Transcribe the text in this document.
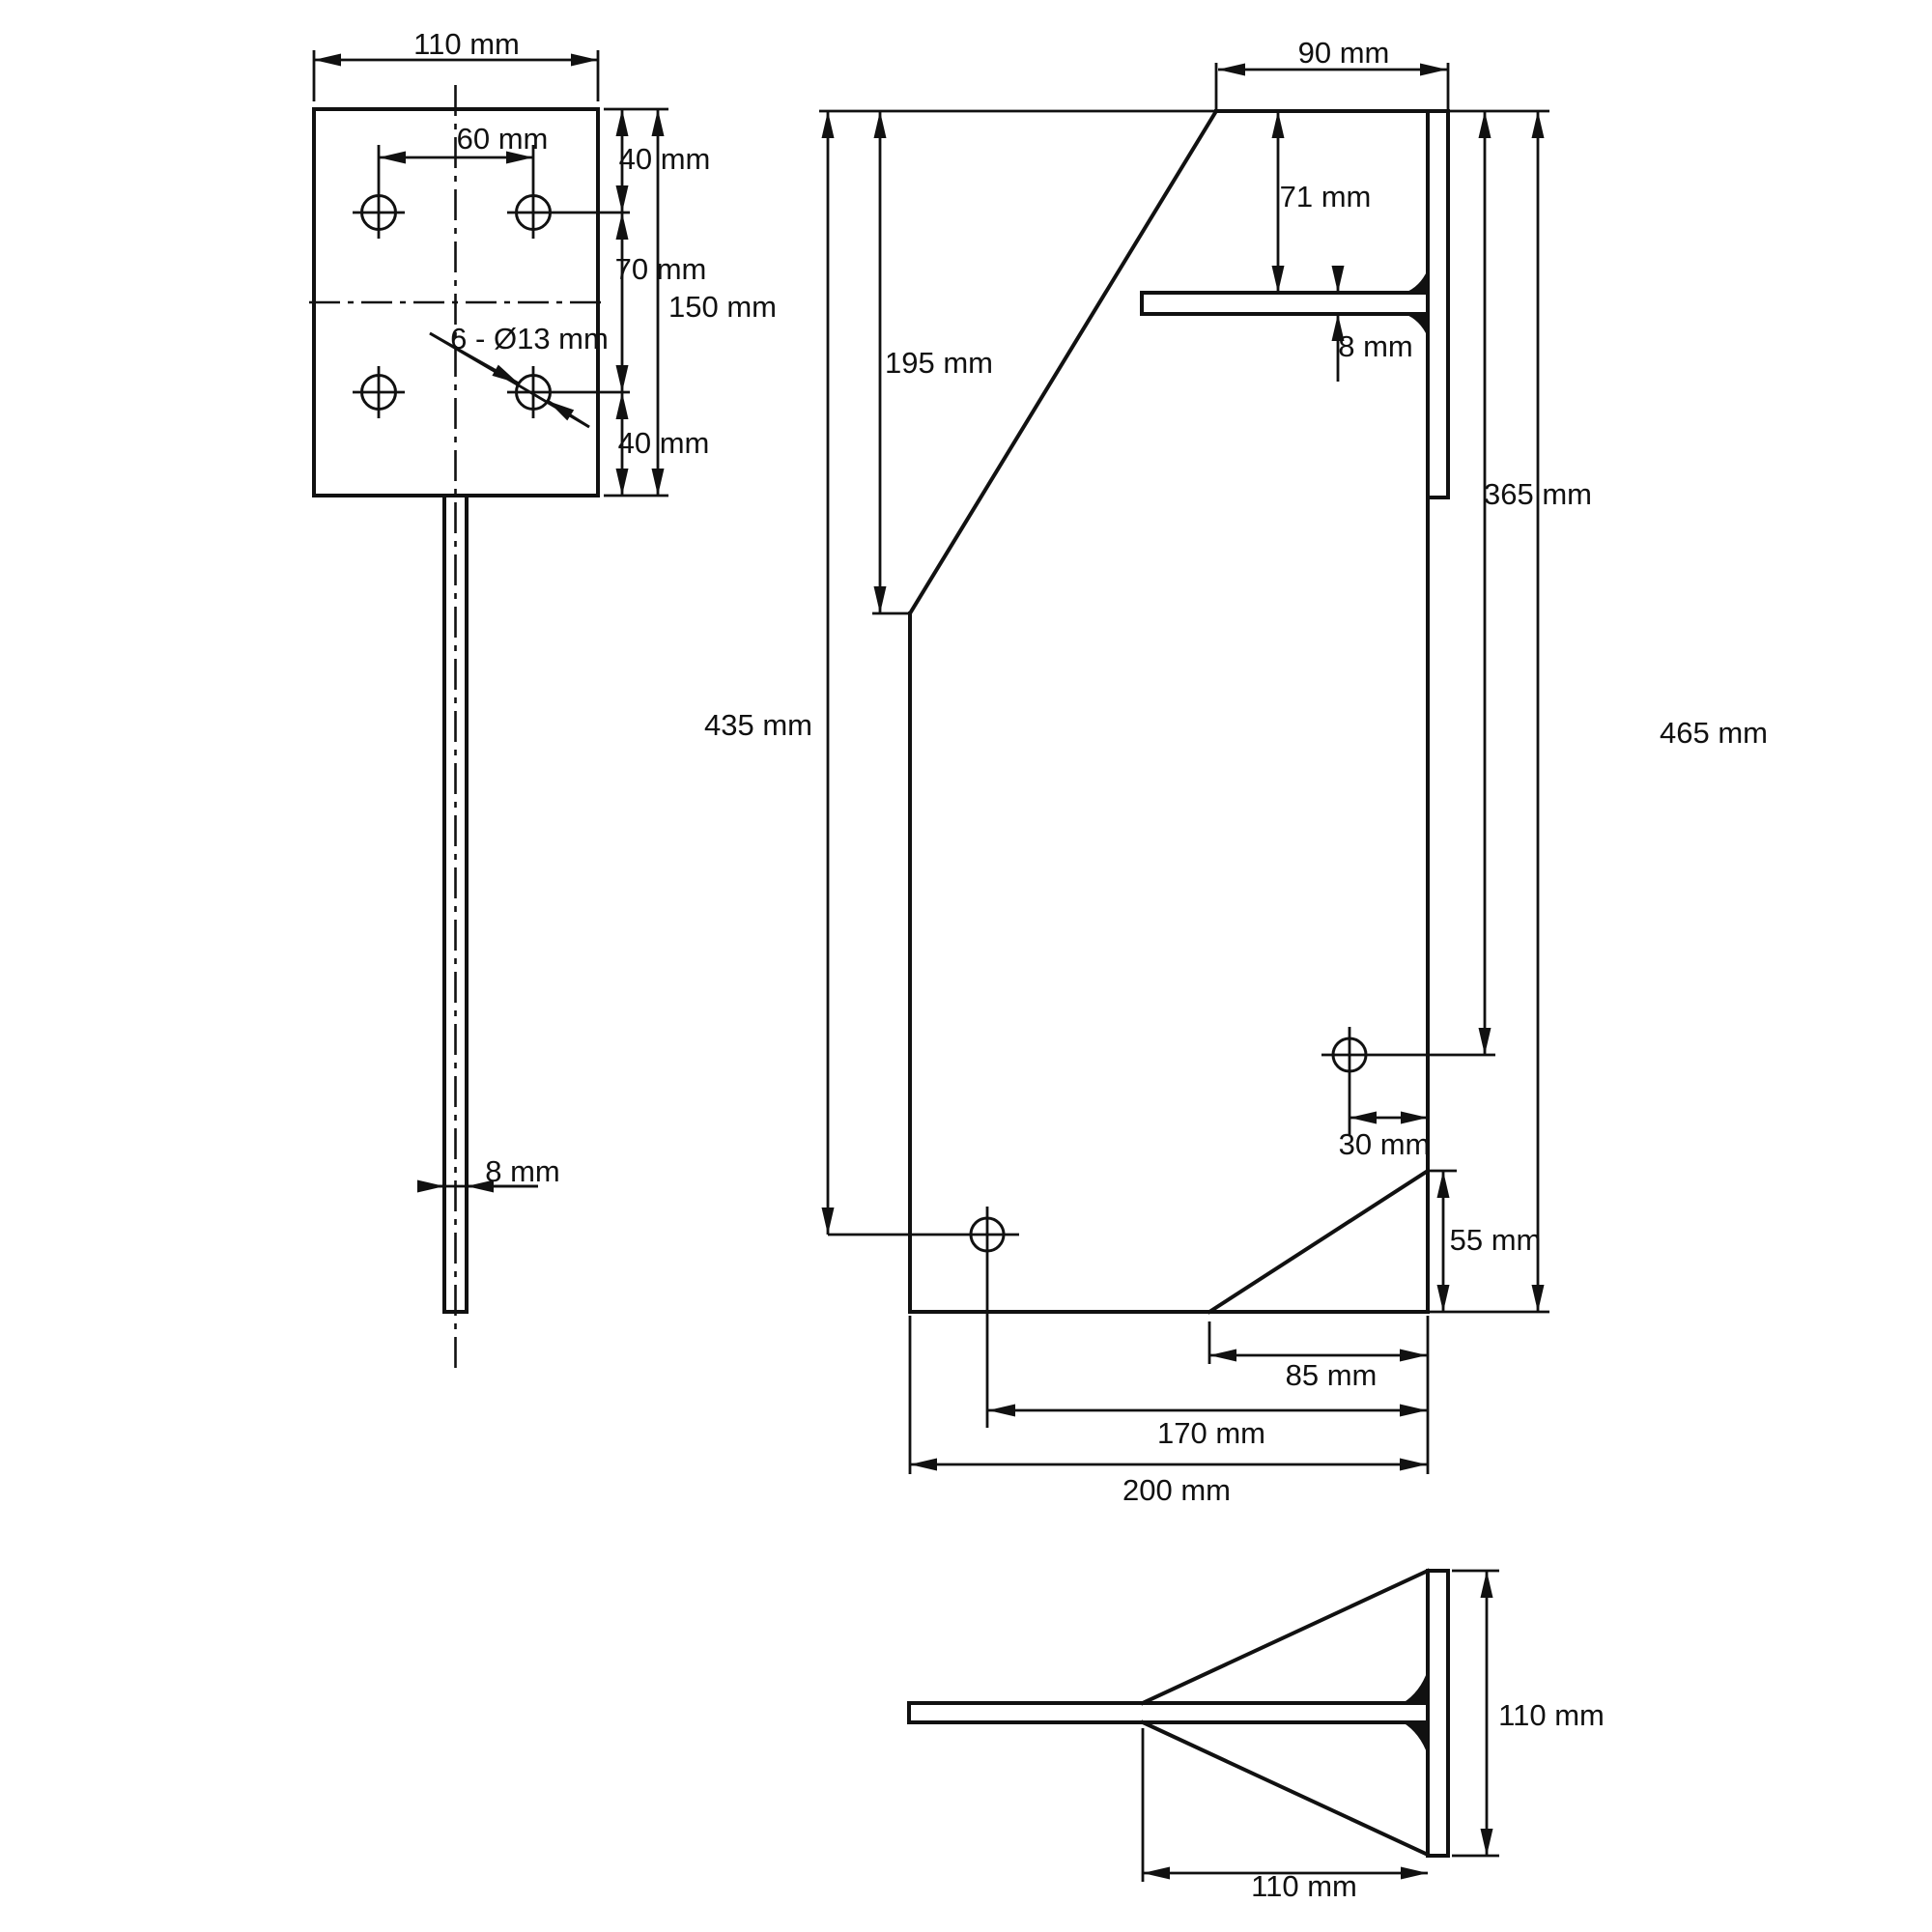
110 mm
60 mm
40 mm
70 mm
150 mm
40 mm
6 - Ø13 mm
8 mm
90 mm
71 mm
8 mm
195 mm
435 mm
365 mm
465 mm
30 mm
55 mm
85 mm
170 mm
200 mm
110 mm
110 mm
